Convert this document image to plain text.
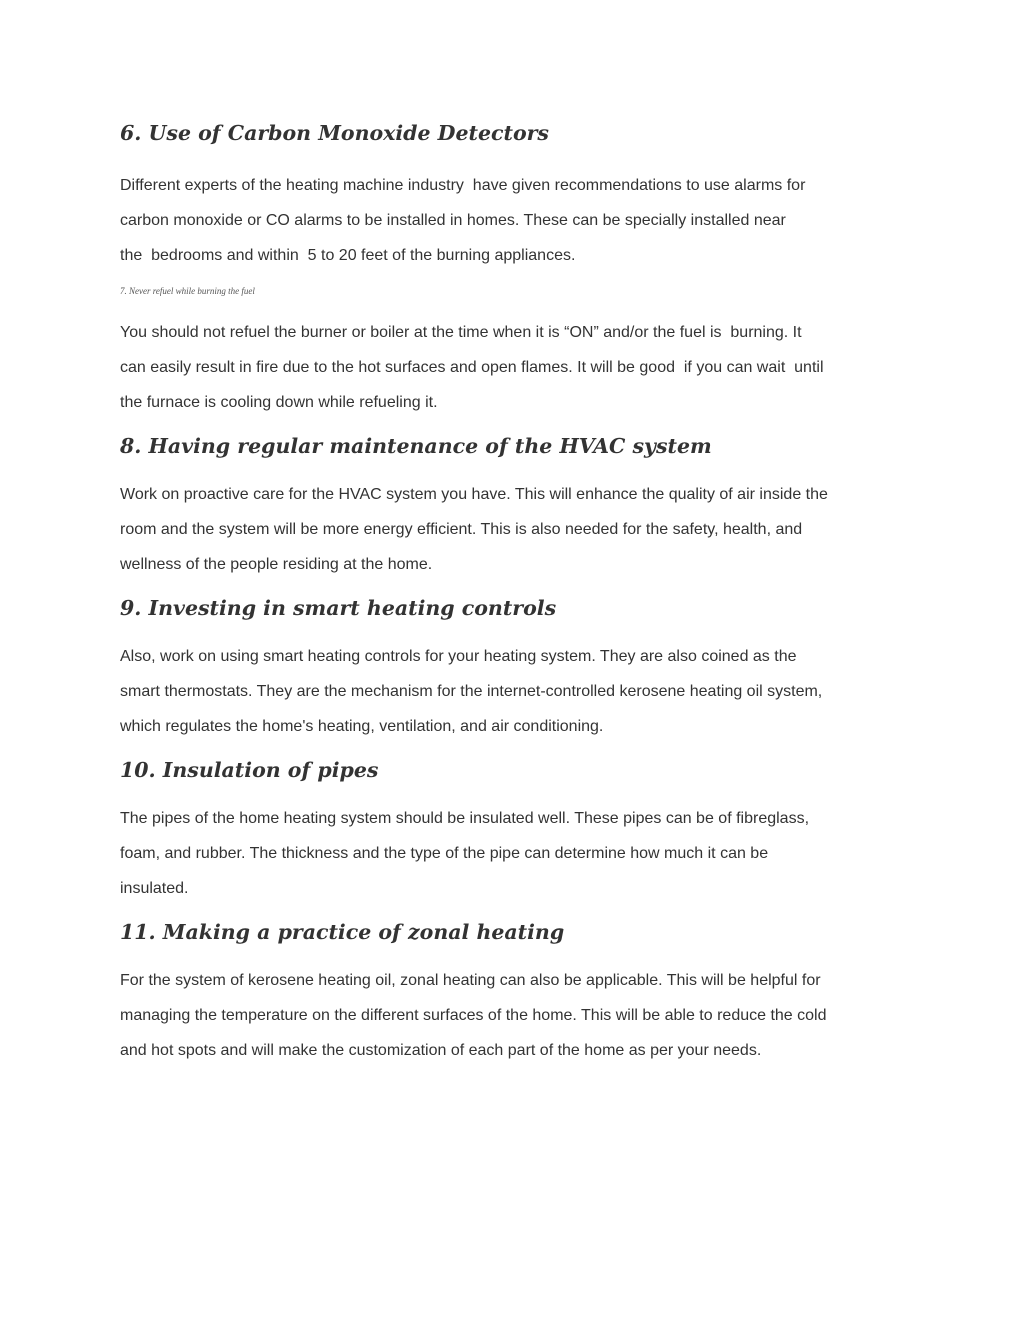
6. Use of Carbon Monoxide Detectors

Different experts of the heating machine industry  have given recommendations to use alarms for
carbon monoxide or CO alarms to be installed in homes. These can be specially installed near
the  bedrooms and within  5 to 20 feet of the burning appliances.

7. Never refuel while burning the fuel

You should not refuel the burner or boiler at the time when it is “ON” and/or the fuel is  burning. It
can easily result in fire due to the hot surfaces and open flames. It will be good  if you can wait  until
the furnace is cooling down while refueling it.

8. Having regular maintenance of the HVAC system

Work on proactive care for the HVAC system you have. This will enhance the quality of air inside the
room and the system will be more energy efficient. This is also needed for the safety, health, and
wellness of the people residing at the home.

9. Investing in smart heating controls

Also, work on using smart heating controls for your heating system. They are also coined as the
smart thermostats. They are the mechanism for the internet-controlled kerosene heating oil system,
which regulates the home's heating, ventilation, and air conditioning.

10. Insulation of pipes

The pipes of the home heating system should be insulated well. These pipes can be of fibreglass,
foam, and rubber. The thickness and the type of the pipe can determine how much it can be
insulated.

11. Making a practice of zonal heating

For the system of kerosene heating oil, zonal heating can also be applicable. This will be helpful for
managing the temperature on the different surfaces of the home. This will be able to reduce the cold
and hot spots and will make the customization of each part of the home as per your needs.
